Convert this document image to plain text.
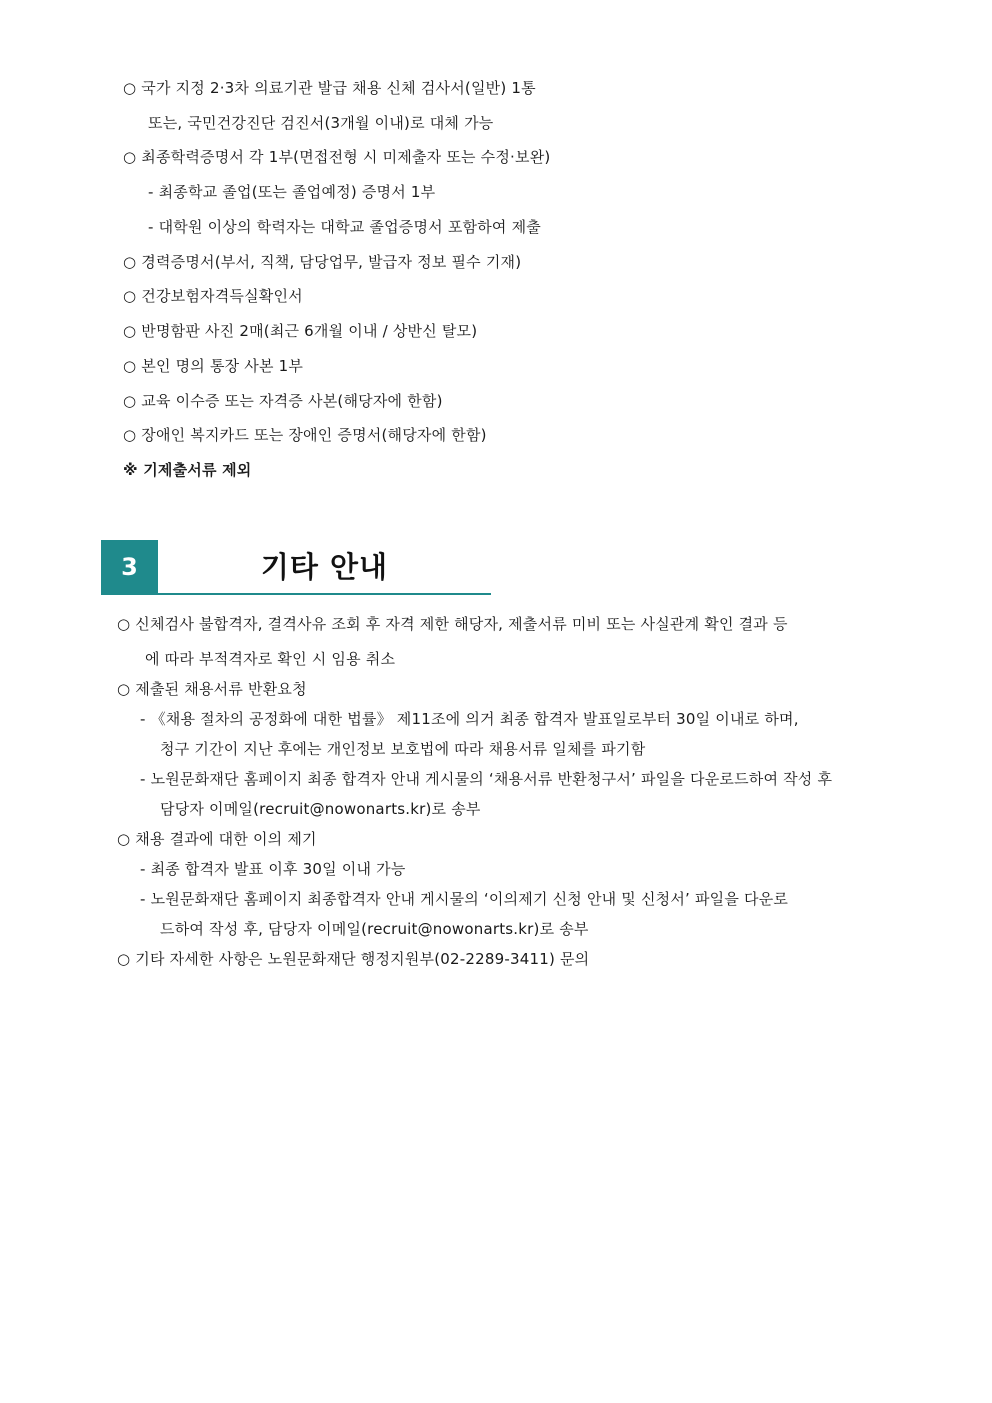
○ 국가 지정 2·3차 의료기관 발급 채용 신체 검사서(일반) 1통
또는, 국민건강진단 검진서(3개월 이내)로 대체 가능
○ 최종학력증명서 각 1부(면접전형 시 미제출자 또는 수정·보완)
- 최종학교 졸업(또는 졸업예정) 증명서 1부
- 대학원 이상의 학력자는 대학교 졸업증명서 포함하여 제출
○ 경력증명서(부서, 직책, 담당업무, 발급자 정보 필수 기재)
○ 건강보험자격득실확인서
○ 반명함판 사진 2매(최근 6개월 이내 / 상반신 탈모)
○ 본인 명의 통장 사본 1부
○ 교육 이수증 또는 자격증 사본(해당자에 한함)
○ 장애인 복지카드 또는 장애인 증명서(해당자에 한함)
※ 기제출서류 제외
3	기타 안내
○ 신체검사 불합격자, 결격사유 조회 후 자격 제한 해당자, 제출서류 미비 또는 사실관계 확인 결과 등
에 따라 부적격자로 확인 시 임용 취소
○ 제출된 채용서류 반환요청
- 《채용 절차의 공정화에 대한 법률》 제11조에 의거 최종 합격자 발표일로부터 30일 이내로 하며,
청구 기간이 지난 후에는 개인정보 보호법에 따라 채용서류 일체를 파기함
- 노원문화재단 홈페이지 최종 합격자 안내 게시물의 ‘채용서류 반환청구서’ 파일을 다운로드하여 작성 후
담당자 이메일(recruit@nowonarts.kr)로 송부
○ 채용 결과에 대한 이의 제기
- 최종 합격자 발표 이후 30일 이내 가능
- 노원문화재단 홈페이지 최종합격자 안내 게시물의 ‘이의제기 신청 안내 및 신청서’ 파일을 다운로
드하여 작성 후, 담당자 이메일(recruit@nowonarts.kr)로 송부
○ 기타 자세한 사항은 노원문화재단 행정지원부(02-2289-3411) 문의
